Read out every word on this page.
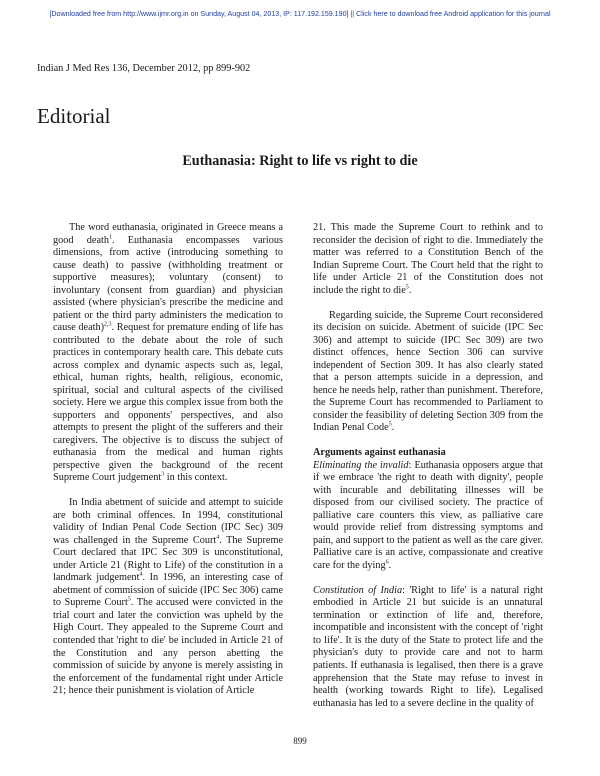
[Downloaded free from http://www.ijmr.org.in on Sunday, August 04, 2013, IP: 117.192.159.190] || Click here to download free Android application for this journal
Indian J Med Res 136, December 2012, pp 899-902
Editorial
Euthanasia: Right to life vs right to die

The word euthanasia, originated in Greece means a good death$^1$. Euthanasia encompasses various dimensions, from active (introducing something to cause death) to passive (withholding treatment or supportive measures); voluntary (consent) to involuntary (consent from guardian) and physician assisted (where physician's prescribe the medicine and patient or the third party administers the medication to cause death)$^{2,3}$. Request for premature ending of life has contributed to the debate about the role of such practices in contemporary health care. This debate cuts across complex and dynamic aspects such as, legal, ethical, human rights, health, religious, economic, spiritual, social and cultural aspects of the civilised society. Here we argue this complex issue from both the supporters and opponents' perspectives, and also attempts to present the plight of the sufferers and their caregivers. The objective is to discuss the subject of euthanasia from the medical and human rights perspective given the background of the recent Supreme Court judgement$^3$ in this context.

In India abetment of suicide and attempt to suicide are both criminal offences. In 1994, constitutional validity of Indian Penal Code Section (IPC Sec) 309 was challenged in the Supreme Court$^4$. The Supreme Court declared that IPC Sec 309 is unconstitutional, under Article 21 (Right to Life) of the constitution in a landmark judgement$^4$. In 1996, an interesting case of abetment of commission of suicide (IPC Sec 306) came to Supreme Court$^5$. The accused were convicted in the trial court and later the conviction was upheld by the High Court. They appealed to the Supreme Court and contended that 'right to die' be included in Article 21 of the Constitution and any person abetting the commission of suicide by anyone is merely assisting in the enforcement of the fundamental right under Article 21; hence their punishment is violation of Article

21. This made the Supreme Court to rethink and to reconsider the decision of right to die. Immediately the matter was referred to a Constitution Bench of the Indian Supreme Court. The Court held that the right to life under Article 21 of the Constitution does not include the right to die$^5$.

Regarding suicide, the Supreme Court reconsidered its decision on suicide. Abetment of suicide (IPC Sec 306) and attempt to suicide (IPC Sec 309) are two distinct offences, hence Section 306 can survive independent of Section 309. It has also clearly stated that a person attempts suicide in a depression, and hence he needs help, rather than punishment. Therefore, the Supreme Court has recommended to Parliament to consider the feasibility of deleting Section 309 from the Indian Penal Code$^5$.

Arguments against euthanasia

Eliminating the invalid: Euthanasia opposers argue that if we embrace 'the right to death with dignity', people with incurable and debilitating illnesses will be disposed from our civilised society. The practice of palliative care counters this view, as palliative care would provide relief from distressing symptoms and pain, and support to the patient as well as the care giver. Palliative care is an active, compassionate and creative care for the dying$^6$.

Constitution of India: 'Right to life' is a natural right embodied in Article 21 but suicide is an unnatural termination or extinction of life and, therefore, incompatible and inconsistent with the concept of 'right to life'. It is the duty of the State to protect life and the physician's duty to provide care and not to harm patients. If euthanasia is legalised, then there is a grave apprehension that the State may refuse to invest in health (working towards Right to life). Legalised euthanasia has led to a severe decline in the quality of

899
